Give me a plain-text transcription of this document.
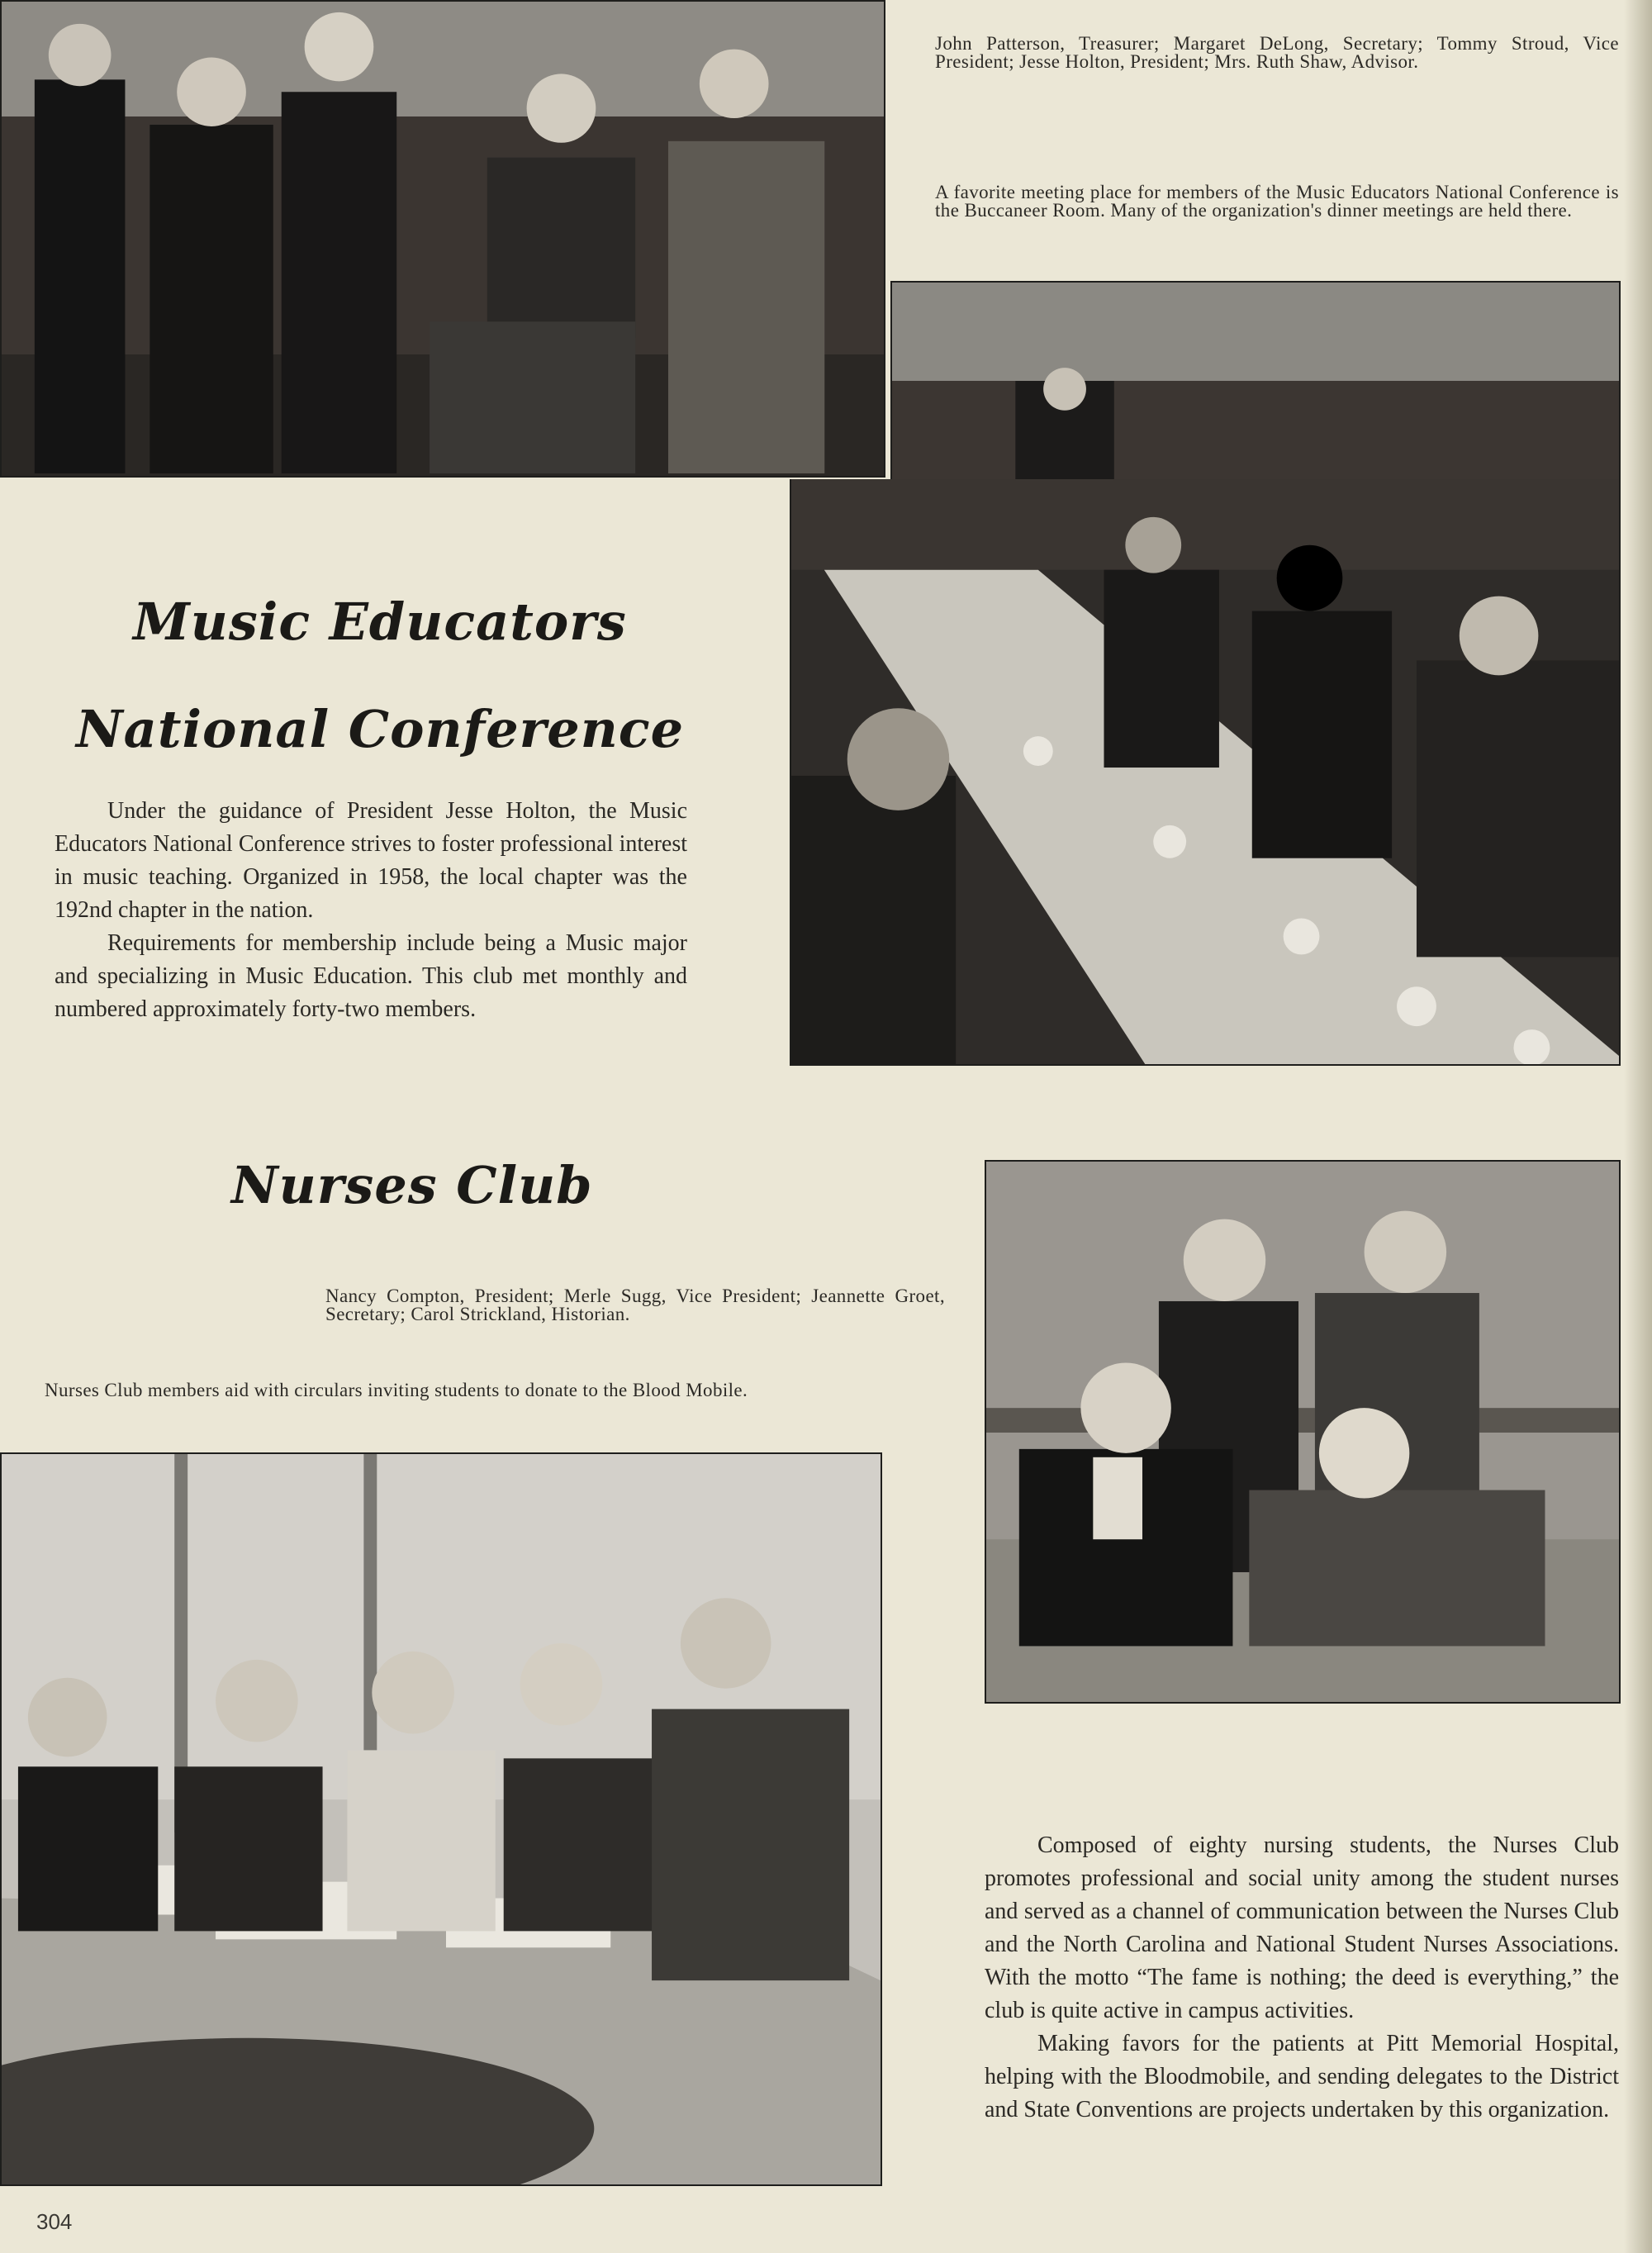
John Patterson, Treasurer; Margaret DeLong, Secretary; Tommy Stroud, Vice President; Jesse Holton, President; Mrs. Ruth Shaw, Advisor.
A favorite meeting place for members of the Music Educators National Conference is the Buccaneer Room. Many of the organization's dinner meetings are held there.
Music Educators
National Conference

Under the guidance of President Jesse Holton, the Music Educators National Conference strives to foster professional interest in music teaching. Organized in 1958, the local chapter was the 192nd chapter in the nation.

Requirements for membership include being a Music major and specializing in Music Education. This club met monthly and numbered approximately forty-two members.

Nurses Club
Nancy Compton, President; Merle Sugg, Vice President; Jeannette Groet, Secretary; Carol Strickland, Historian.
Nurses Club members aid with circulars inviting students to donate to the Blood Mobile.

Composed of eighty nursing students, the Nurses Club promotes professional and social unity among the student nurses and served as a channel of communication between the Nurses Club and the North Carolina and National Student Nurses Associations. With the motto “The fame is nothing; the deed is everything,” the club is quite active in campus activities.

Making favors for the patients at Pitt Memorial Hospital, helping with the Bloodmobile, and sending delegates to the District and State Conventions are projects undertaken by this organization.

304
